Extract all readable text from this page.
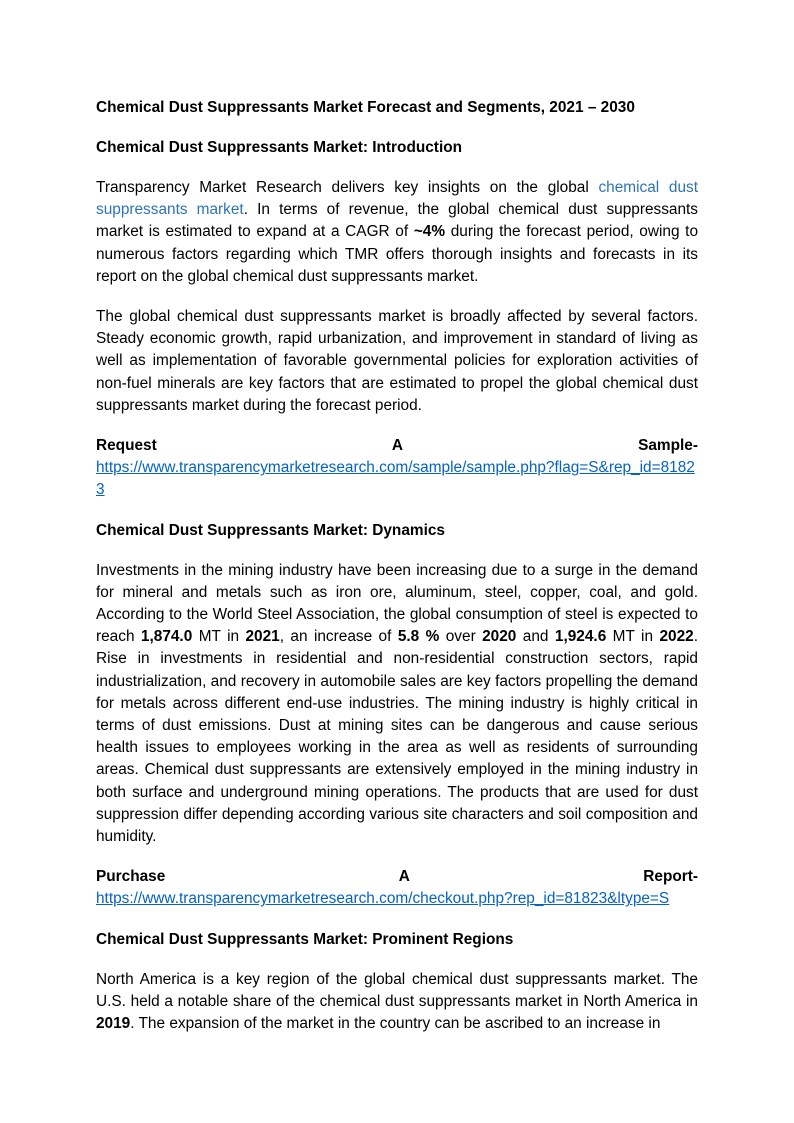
Chemical Dust Suppressants Market Forecast and Segments, 2021 – 2030

Chemical Dust Suppressants Market: Introduction

Transparency Market Research delivers key insights on the global chemical dust suppressants market. In terms of revenue, the global chemical dust suppressants market is estimated to expand at a CAGR of ~4% during the forecast period, owing to numerous factors regarding which TMR offers thorough insights and forecasts in its report on the global chemical dust suppressants market.

The global chemical dust suppressants market is broadly affected by several factors. Steady economic growth, rapid urbanization, and improvement in standard of living as well as implementation of favorable governmental policies for exploration activities of non-fuel minerals are key factors that are estimated to propel the global chemical dust suppressants market during the forecast period.

Request	A	Sample-
https://www.transparencymarketresearch.com/sample/sample.php?flag=S&rep_id=81823

Chemical Dust Suppressants Market: Dynamics

Investments in the mining industry have been increasing due to a surge in the demand for mineral and metals such as iron ore, aluminum, steel, copper, coal, and gold. According to the World Steel Association, the global consumption of steel is expected to reach 1,874.0 MT in 2021, an increase of 5.8 % over 2020 and 1,924.6 MT in 2022. Rise in investments in residential and non-residential construction sectors, rapid industrialization, and recovery in automobile sales are key factors propelling the demand for metals across different end-use industries. The mining industry is highly critical in terms of dust emissions. Dust at mining sites can be dangerous and cause serious health issues to employees working in the area as well as residents of surrounding areas. Chemical dust suppressants are extensively employed in the mining industry in both surface and underground mining operations. The products that are used for dust suppression differ depending according various site characters and soil composition and humidity.

Purchase	A	Report-
https://www.transparencymarketresearch.com/checkout.php?rep_id=81823&ltype=S

Chemical Dust Suppressants Market: Prominent Regions

North America is a key region of the global chemical dust suppressants market. The U.S. held a notable share of the chemical dust suppressants market in North America in 2019. The expansion of the market in the country can be ascribed to an increase in
